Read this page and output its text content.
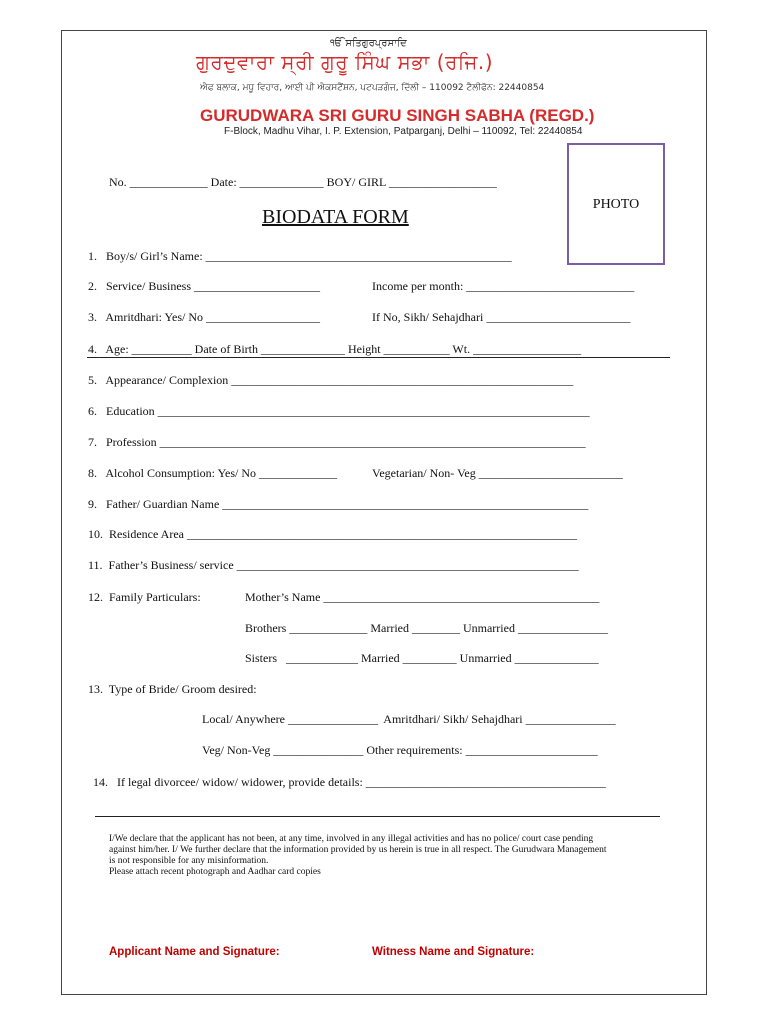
ੴ ਸਤਿਗੁਰਪ੍ਰਸਾਦਿ
ਗੁਰਦੁਵਾਰਾ ਸ੍ਰੀ ਗੁਰੂ ਸਿੰਘ ਸਭਾ (ਰਜਿ.)
ਐਫ ਬਲਾਕ, ਮਧੂ ਵਿਹਾਰ, ਆਈ ਪੀ ਐਕਸਟੈਂਸ਼ਨ, ਪਟਪੜਗੰਜ, ਦਿੱਲੀ – 110092 ਟੈਲੀਫੋਨ: 22440854
GURUDWARA SRI GURU SINGH SABHA (REGD.)
F-Block, Madhu Vihar, I. P. Extension, Patparganj, Delhi – 110092, Tel: 22440854
PHOTO
No. _____________ Date: ______________ BOY/ GIRL __________________
BIODATA FORM
1.   Boy/s/ Girl’s Name: ___________________________________________________
2.   Service/ Business _____________________	Income per month: ____________________________
3.   Amritdhari: Yes/ No ___________________	If No, Sikh/ Sehajdhari ________________________
4.   Age: __________ Date of Birth ______________ Height ___________ Wt. __________________
5.   Appearance/ Complexion _________________________________________________________
6.   Education ________________________________________________________________________
7.   Profession _______________________________________________________________________
8.   Alcohol Consumption: Yes/ No _____________	Vegetarian/ Non- Veg ________________________
9.   Father/ Guardian Name _____________________________________________________________
10.  Residence Area _________________________________________________________________
11.  Father’s Business/ service _________________________________________________________
12.  Family Particulars:	Mother’s Name ______________________________________________
Brothers _____________ Married ________ Unmarried _______________
Sisters   ____________ Married _________ Unmarried ______________
13.  Type of Bride/ Groom desired:
Local/ Anywhere _______________  Amritdhari/ Sikh/ Sehajdhari _______________
Veg/ Non-Veg _______________ Other requirements: ______________________
14.   If legal divorcee/ widow/ widower, provide details: ________________________________________
I/We declare that the applicant has not been, at any time, involved in any illegal activities and has no police/ court case pending
against him/her. I/ We further declare that the information provided by us herein is true in all respect. The Gurudwara Management
is not responsible for any misinformation.
Please attach recent photograph and Aadhar card copies
Applicant Name and Signature:	Witness Name and Signature:
